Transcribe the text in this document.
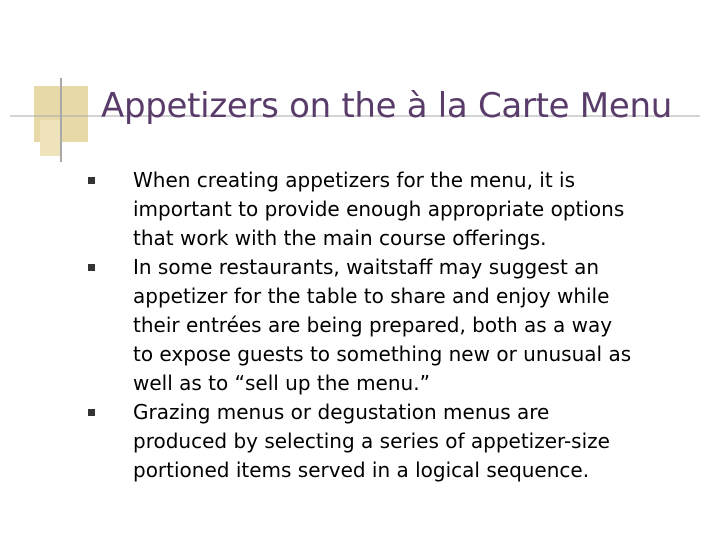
Appetizers on the à la Carte Menu
When creating appetizers for the menu, it is
important to provide enough appropriate options
that work with the main course offerings.
In some restaurants, waitstaff may suggest an
appetizer for the table to share and enjoy while
their entrées are being prepared, both as a way
to expose guests to something new or unusual as
well as to “sell up the menu.”
Grazing menus or degustation menus are
produced by selecting a series of appetizer-size
portioned items served in a logical sequence.
